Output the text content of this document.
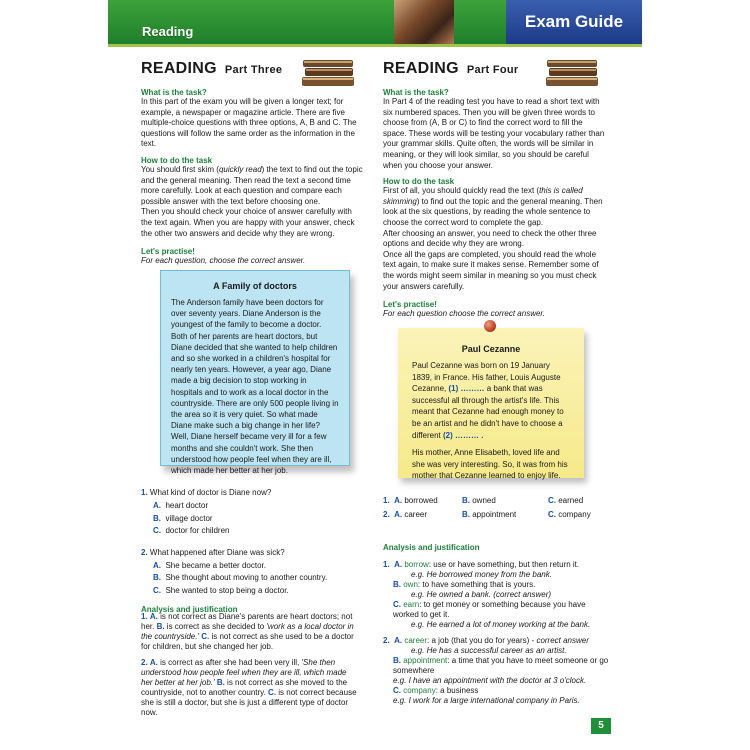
Reading
Exam Guide
READING Part Three
What is the task?

In this part of the exam you will be given a longer text; for example, a newspaper or magazine article. There are five multiple-choice questions with three options, A, B and C. The questions will follow the same order as the information in the text.

How to do the task

You should first skim (quickly read) the text to find out the topic and the general meaning. Then read the text a second time more carefully. Look at each question and compare each possible answer with the text before choosing one.

Then you should check your choice of answer carefully with the text again. When you are happy with your answer, check the other two answers and decide why they are wrong.

Let's practise!

For each question, choose the correct answer.

A Family of doctors

The Anderson family have been doctors for over seventy years. Diane Anderson is the youngest of the family to become a doctor. Both of her parents are heart doctors, but Diane decided that she wanted to help children and so she worked in a children's hospital for nearly ten years. However, a year ago, Diane made a big decision to stop working in hospitals and to work as a local doctor in the countryside. There are only 500 people living in the area so it is very quiet. So what made Diane make such a big change in her life? Well, Diane herself became very ill for a few months and she couldn't work. She then understood how people feel when they are ill, which made her better at her job.

1. What kind of doctor is Diane now?
A. heart doctor
B. village doctor
C. doctor for children
2. What happened after Diane was sick?
A. She became a better doctor.
B. She thought about moving to another country.
C. She wanted to stop being a doctor.
Analysis and justification
1. A. is not correct as Diane's parents are heart doctors; not her. B. is correct as she decided to 'work as a local doctor in the countryside.' C. is not correct as she used to be a doctor for children, but she changed her job.
2. A. is correct as after she had been very ill, 'She then understood how people feel when they are ill, which made her better at her job.' B. is not correct as she moved to the countryside, not to another country. C. is not correct because she is still a doctor, but she is just a different type of doctor now.
READING Part Four
What is the task?

In Part 4 of the reading test you have to read a short text with six numbered spaces. Then you will be given three words to choose from (A, B or C) to find the correct word to fill the space. These words will be testing your vocabulary rather than your grammar skills. Quite often, the words will be similar in meaning, or they will look similar, so you should be careful when you choose your answer.

How to do the task

First of all, you should quickly read the text (this is called skimming) to find out the topic and the general meaning. Then look at the six questions, by reading the whole sentence to choose the correct word to complete the gap.

After choosing an answer, you need to check the other three options and decide why they are wrong.

Once all the gaps are completed, you should read the whole text again, to make sure it makes sense. Remember some of the words might seem similar in meaning so you must check your answers carefully.

Let's practise!

For each question choose the correct answer.

Paul Cezanne

Paul Cezanne was born on 19 January 1839, in France. His father, Louis Auguste Cezanne, (1) ……… a bank that was successful all through the artist's life. This meant that Cezanne had enough money to be an artist and he didn't have to choose a different (2) ……… .

His mother, Anne Elisabeth, loved life and she was very interesting. So, it was from his mother that Cezanne learned to enjoy life.

1. A. borrowed	B. owned	C. earned
2. A. career	B. appointment	C. company
Analysis and justification
1. A. borrow: use or have something, but then return it.
e.g. He borrowed money from the bank.
B. own: to have something that is yours.
e.g. He owned a bank. (correct answer)
C. earn: to get money or something because you have worked to get it.
e.g. He earned a lot of money working at the bank.
2. A. career: a job (that you do for years) - correct answer
e.g. He has a successful career as an artist.
B. appointment: a time that you have to meet someone or go somewhere
e.g. I have an appointment with the doctor at 3 o'clock.
C. company: a business
e.g. I work for a large international company in Paris.
5
